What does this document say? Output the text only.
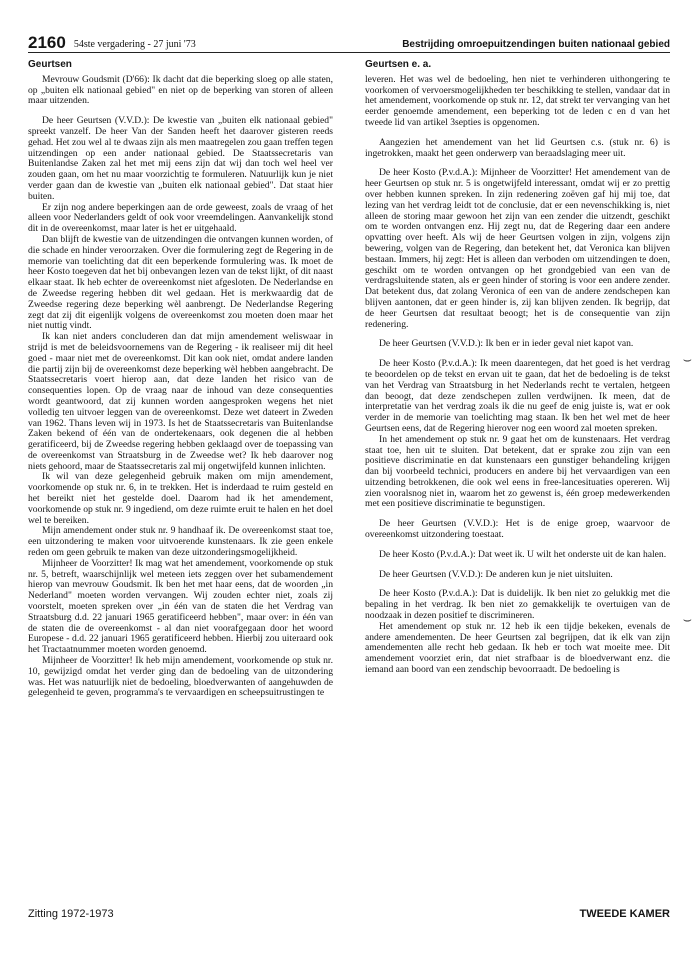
2160 54ste vergadering - 27 juni '73	Bestrijding omroepuitzendingen buiten nationaal gebied
Geurtsen

Mevrouw Goudsmit (D'66): Ik dacht dat die beperking sloeg op alle staten, op „buiten elk nationaal gebied" en niet op de beperking van storen of alleen maar uitzenden.

De heer Geurtsen (V.V.D.): De kwestie van „buiten elk nationaal gebied" spreekt vanzelf. De heer Van der Sanden heeft het daarover gisteren reeds gehad. Het zou wel al te dwaas zijn als men maatregelen zou gaan treffen tegen uitzendingen op een ander nationaal gebied. De Staatssecretaris van Buitenlandse Zaken zal het met mij eens zijn dat wij dan toch wel heel ver zouden gaan, om het nu maar voorzichtig te formuleren. Natuurlijk kun je niet verder gaan dan de kwestie van „buiten elk nationaal gebied". Dat staat hier buiten.

Er zijn nog andere beperkingen aan de orde geweest, zoals de vraag of het alleen voor Nederlanders geldt of ook voor vreemdelingen. Aanvankelijk stond dit in de overeenkomst, maar later is het er uitgehaald.

Dan blijft de kwestie van de uitzendingen die ontvangen kunnen worden, of die schade en hinder veroorzaken. Over die formulering zegt de Regering in de memorie van toelichting dat dit een beperkende formulering was. Ik moet de heer Kosto toegeven dat het bij onbevangen lezen van de tekst lijkt, of dit naast elkaar staat. Ik heb echter de overeenkomst niet afgesloten. De Nederlandse en de Zweedse regering hebben dit wel gedaan. Het is merkwaardig dat de Zweedse regering deze beperking wèl aanbrengt. De Nederlandse Regering zegt dat zij dit eigenlijk volgens de overeenkomst zou moeten doen maar het niet nuttig vindt.

Ik kan niet anders concluderen dan dat mijn amendement weliswaar in strijd is met de beleidsvoornemens van de Regering - ik realiseer mij dit heel goed - maar niet met de overeenkomst. Dit kan ook niet, omdat andere landen die partij zijn bij de overeenkomst deze beperking wèl hebben aangebracht. De Staatssecretaris voert hierop aan, dat deze landen het risico van de consequenties lopen. Op de vraag naar de inhoud van deze consequenties wordt geantwoord, dat zij kunnen worden aangesproken wegens het niet volledig ten uitvoer leggen van de overeenkomst. Deze wet dateert in Zweden van 1962. Thans leven wij in 1973. Is het de Staatssecretaris van Buitenlandse Zaken bekend of één van de ondertekenaars, ook degenen die al hebben geratificeerd, bij de Zweedse regering hebben geklaagd over de toepassing van de overeenkomst van Straatsburg in de Zweedse wet? Ik heb daarover nog niets gehoord, maar de Staatssecretaris zal mij ongetwijfeld kunnen inlichten.

Ik wil van deze gelegenheid gebruik maken om mijn amendement, voorkomende op stuk nr. 6, in te trekken. Het is inderdaad te ruim gesteld en het bereikt niet het gestelde doel. Daarom had ik het amendement, voorkomende op stuk nr. 9 ingediend, om deze ruimte eruit te halen en het doel wel te bereiken.

Mijn amendement onder stuk nr. 9 handhaaf ik. De overeenkomst staat toe, een uitzondering te maken voor uitvoerende kunstenaars. Ik zie geen enkele reden om geen gebruik te maken van deze uitzonderingsmogelijkheid.

Mijnheer de Voorzitter! Ik mag wat het amendement, voorkomende op stuk nr. 5, betreft, waarschijnlijk wel meteen iets zeggen over het subamendement hierop van mevrouw Goudsmit. Ik ben het met haar eens, dat de woorden „in Nederland" moeten worden vervangen. Wij zouden echter niet, zoals zij voorstelt, moeten spreken over „in één van de staten die het Verdrag van Straatsburg d.d. 22 januari 1965 geratificeerd hebben", maar over: in één van de staten die de overeenkomst - al dan niet voorafgegaan door het woord Europese - d.d. 22 januari 1965 geratificeerd hebben. Hierbij zou uiteraard ook het Tractaatnummer moeten worden genoemd.

Mijnheer de Voorzitter! Ik heb mijn amendement, voorkomende op stuk nr. 10, gewijzigd omdat het verder ging dan de bedoeling van de uitzondering was. Het was natuurlijk niet de bedoeling, bloedverwanten of aangehuwden de gelegenheid te geven, programma's te vervaardigen en scheepsuitrustingen te

Geurtsen e. a.

leveren. Het was wel de bedoeling, hen niet te verhinderen uithongering te voorkomen of vervoersmogelijkheden ter beschikking te stellen, vandaar dat in het amendement, voorkomende op stuk nr. 12, dat strekt ter vervanging van het eerder genoemde amendement, een beperking tot de leden c en d van het tweede lid van artikel 3septies is opgenomen.

Aangezien het amendement van het lid Geurtsen c.s. (stuk nr. 6) is ingetrokken, maakt het geen onderwerp van beraadslaging meer uit.

De heer Kosto (P.v.d.A.): Mijnheer de Voorzitter! Het amendement van de heer Geurtsen op stuk nr. 5 is ongetwijfeld interessant, omdat wij er zo prettig over hebben kunnen spreken. In zijn redenering zoëven gaf hij mij toe, dat lezing van het verdrag leidt tot de conclusie, dat er een nevenschikking is, niet alleen de storing maar gewoon het zijn van een zender die uitzendt, geschikt om te worden ontvangen enz. Hij zegt nu, dat de Regering daar een andere opvatting over heeft. Als wij de heer Geurtsen volgen in zijn, volgens zijn bewering, volgen van de Regering, dan betekent het, dat Veronica kan blijven bestaan. Immers, hij zegt: Het is alleen dan verboden om uitzendingen te doen, geschikt om te worden ontvangen op het grondgebied van een van de verdragsluitende staten, als er geen hinder of storing is voor een andere zender. Dat betekent dus, dat zolang Veronica of een van de andere zendschepen kan blijven aantonen, dat er geen hinder is, zij kan blijven zenden. Ik begrijp, dat de heer Geurtsen dat resultaat beoogt; het is de consequentie van zijn redenering.

De heer Geurtsen (V.V.D.): Ik ben er in ieder geval niet kapot van.

De heer Kosto (P.v.d.A.): Ik meen daarentegen, dat het goed is het verdrag te beoordelen op de tekst en ervan uit te gaan, dat het de bedoeling is de tekst van het Verdrag van Straatsburg in het Nederlands recht te vertalen, hetgeen dan beoogt, dat deze zendschepen zullen verdwijnen. Ik meen, dat de interpretatie van het verdrag zoals ik die nu geef de enig juiste is, wat er ook verder in de memorie van toelichting mag staan. Ik ben het wel met de heer Geurtsen eens, dat de Regering hierover nog een woord zal moeten spreken.

In het amendement op stuk nr. 9 gaat het om de kunstenaars. Het verdrag staat toe, hen uit te sluiten. Dat betekent, dat er sprake zou zijn van een positieve discriminatie en dat kunstenaars een gunstiger behandeling krijgen dan bij voorbeeld technici, producers en andere bij het vervaardigen van een uitzending betrokkenen, die ook wel eens in free-lancesituaties opereren. Wij zien vooralsnog niet in, waarom het zo gewenst is, één groep medewerkenden met een positieve discriminatie te begunstigen.

De heer Geurtsen (V.V.D.): Het is de enige groep, waarvoor de overeenkomst uitzondering toestaat.

De heer Kosto (P.v.d.A.): Dat weet ik. U wilt het onderste uit de kan halen.

De heer Geurtsen (V.V.D.): De anderen kun je niet uitsluiten.

De heer Kosto (P.v.d.A.): Dat is duidelijk. Ik ben niet zo gelukkig met die bepaling in het verdrag. Ik ben niet zo gemakkelijk te overtuigen van de noodzaak in dezen positief te discrimineren.

Het amendement op stuk nr. 12 heb ik een tijdje bekeken, evenals de andere amendementen. De heer Geurtsen zal begrijpen, dat ik elk van zijn amendementen alle recht heb gedaan. Ik heb er toch wat moeite mee. Dit amendement voorziet erin, dat niet strafbaar is de bloedverwant enz. die iemand aan boord van een zendschip bevoorraadt. De bedoeling is

⌣
⌣
Zitting 1972-1973	TWEEDE KAMER
